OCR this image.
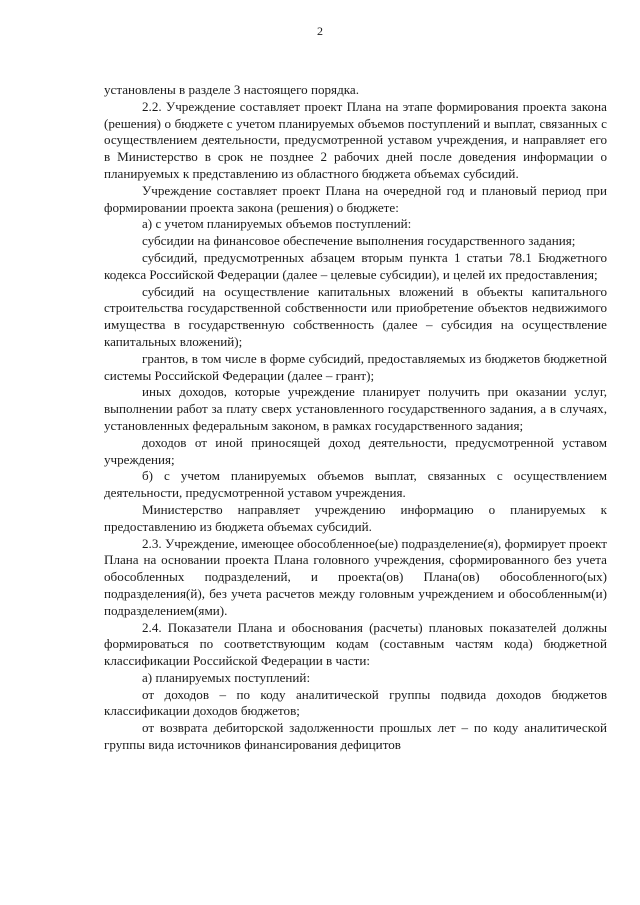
2

установлены в разделе 3 настоящего порядка.

2.2. Учреждение составляет проект Плана на этапе формирования проекта закона (решения) о бюджете с учетом планируемых объемов поступлений и выплат, связанных с осуществлением деятельности, предусмотренной уставом учреждения, и направляет его в Министерство в срок не позднее 2 рабочих дней после доведения информации о планируемых к представлению из областного бюджета объемах субсидий.

Учреждение составляет проект Плана на очередной год и плановый период при формировании проекта закона (решения) о бюджете:

а) с учетом планируемых объемов поступлений:

субсидии на финансовое обеспечение выполнения государственного задания;

субсидий, предусмотренных абзацем вторым пункта 1 статьи 78.1 Бюджетного кодекса Российской Федерации (далее – целевые субсидии), и целей их предоставления;

субсидий на осуществление капитальных вложений в объекты капитального строительства государственной собственности или приобретение объектов недвижимого имущества в государственную собственность (далее – субсидия на осуществление капитальных вложений);

грантов, в том числе в форме субсидий, предоставляемых из бюджетов бюджетной системы Российской Федерации (далее – грант);

иных доходов, которые учреждение планирует получить при оказании услуг, выполнении работ за плату сверх установленного государственного задания, а в случаях, установленных федеральным законом, в рамках государственного задания;

доходов от иной приносящей доход деятельности, предусмотренной уставом учреждения;

б) с учетом планируемых объемов выплат, связанных с осуществлением деятельности, предусмотренной уставом учреждения.

Министерство направляет учреждению информацию о планируемых к предоставлению из бюджета объемах субсидий.

2.3. Учреждение, имеющее обособленное(ые) подразделение(я), формирует проект Плана на основании проекта Плана головного учреждения, сформированного без учета обособленных подразделений, и проекта(ов) Плана(ов) обособленного(ых) подразделения(й), без учета расчетов между головным учреждением и обособленным(и) подразделением(ями).

2.4. Показатели Плана и обоснования (расчеты) плановых показателей должны формироваться по соответствующим кодам (составным частям кода) бюджетной классификации Российской Федерации в части:

а) планируемых поступлений:

от доходов – по коду аналитической группы подвида доходов бюджетов классификации доходов бюджетов;

от возврата дебиторской задолженности прошлых лет – по коду аналитической группы вида источников финансирования дефицитов
